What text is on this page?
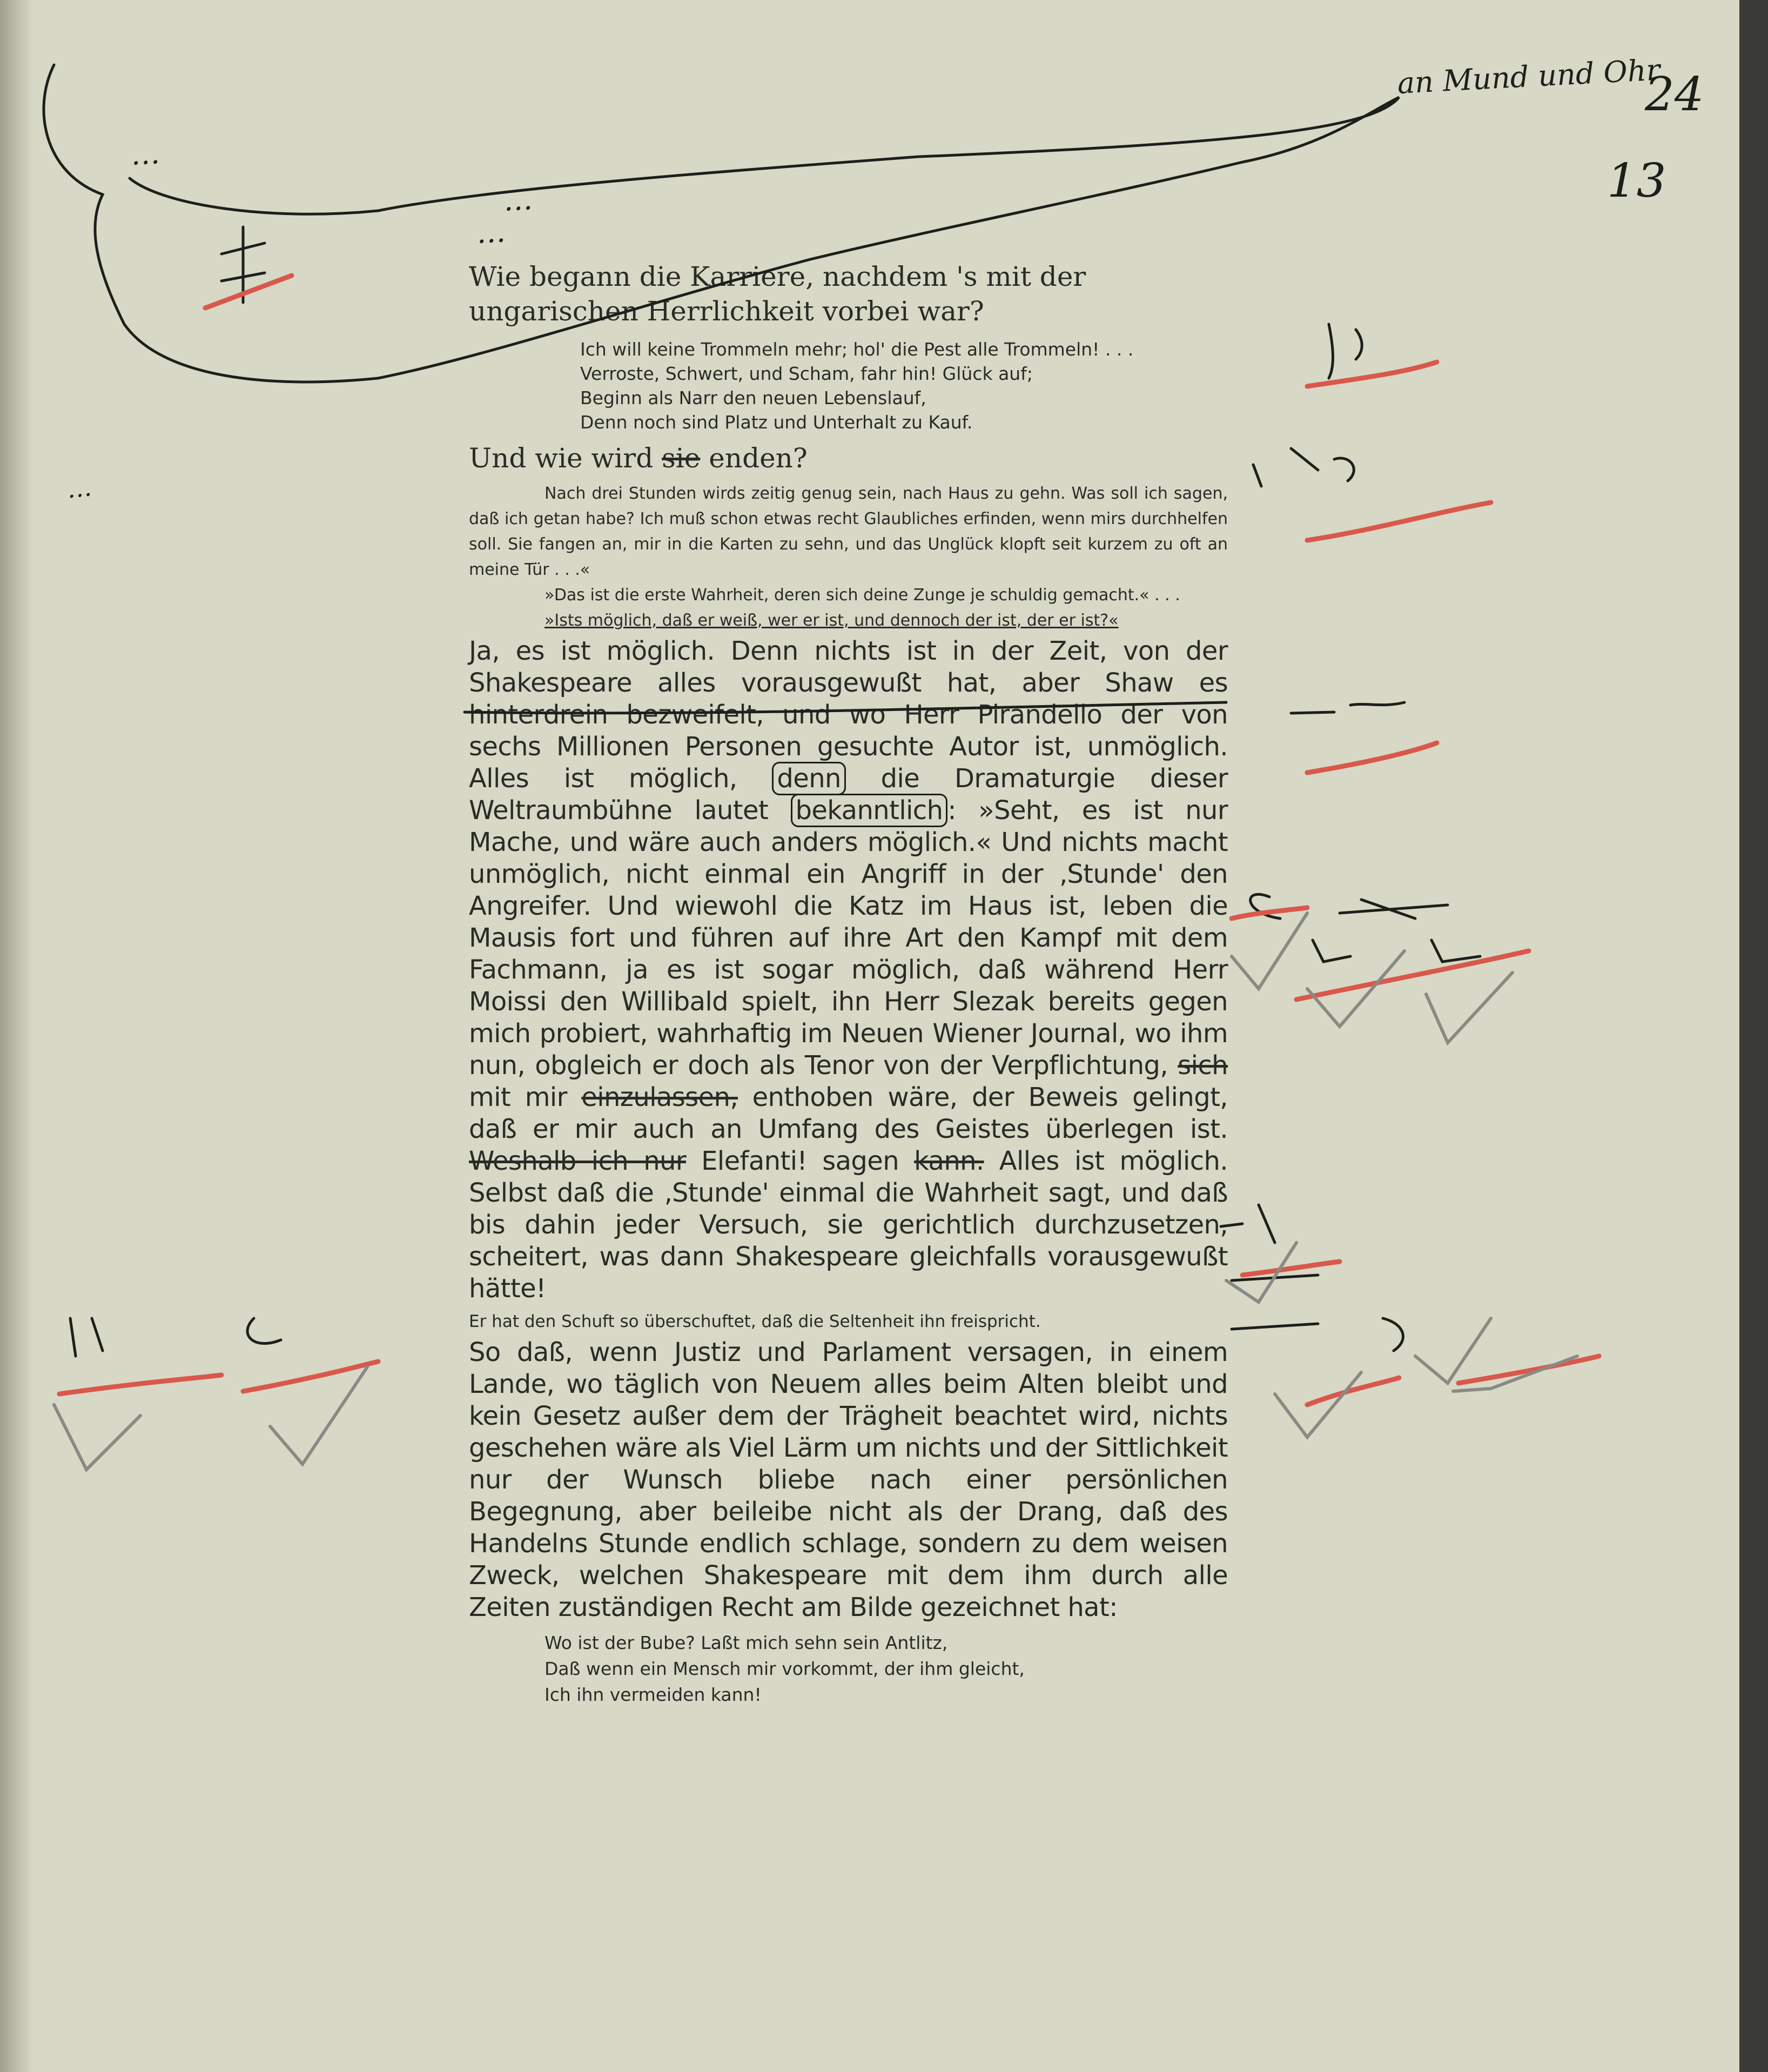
24
13
an Mund und Ohr
…
…
…
…

Wie begann die Karriere, nachdem 's mit der ungarischen Herrlichkeit vorbei war?

Ich will keine Trommeln mehr; hol' die Pest alle Trommeln! . . .
Verroste, Schwert, und Scham, fahr hin! Glück auf;
Beginn als Narr den neuen Lebenslauf,
Denn noch sind Platz und Unterhalt zu Kauf.

Und wie wird sie enden?

Nach drei Stunden wirds zeitig genug sein, nach Haus zu gehn. Was soll ich sagen, daß ich getan habe? Ich muß schon etwas recht Glaubliches erfinden, wenn mirs durchhelfen soll. Sie fangen an, mir in die Karten zu sehn, und das Unglück klopft seit kurzem zu oft an meine Tür . . .«

»Das ist die erste Wahrheit, deren sich deine Zunge je schuldig gemacht.« . . .

»Ists möglich, daß er weiß, wer er ist, und dennoch der ist, der er ist?«

Ja, es ist möglich. Denn nichts ist in der Zeit, von der Shakespeare alles vorausgewußt hat, aber Shaw es hinterdrein bezweifelt, und wo Herr Pirandello der von sechs Millionen Personen gesuchte Autor ist, unmöglich. Alles ist möglich, denn die Dramaturgie dieser Weltraumbühne lautet bekanntlich : »Seht, es ist nur Mache, und wäre auch anders möglich.« Und nichts macht unmöglich, nicht einmal ein Angriff in der ‚Stunde' den Angreifer. Und wiewohl die Katz im Haus ist, leben die Mausis fort und führen auf ihre Art den Kampf mit dem Fachmann, ja es ist sogar möglich, daß während Herr Moissi den Willibald spielt, ihn Herr Slezak bereits gegen mich probiert, wahrhaftig im Neuen Wiener Journal, wo ihm nun, obgleich er doch als Tenor von der Verpflichtung, sich mit mir einzulassen, enthoben wäre, der Beweis gelingt, daß er mir auch an Umfang des Geistes überlegen ist. Weshalb ich nur Elefanti! sagen kann. Alles ist möglich. Selbst daß die ‚Stunde' einmal die Wahrheit sagt, und daß bis dahin jeder Versuch, sie gerichtlich durchzusetzen, scheitert, was dann Shakespeare gleichfalls vorausgewußt hätte!

Er hat den Schuft so überschuftet, daß die Seltenheit ihn freispricht.

So daß, wenn Justiz und Parlament versagen, in einem Lande, wo täglich von Neuem alles beim Alten bleibt und kein Gesetz außer dem der Trägheit beachtet wird, nichts geschehen wäre als Viel Lärm um nichts und der Sittlichkeit nur der Wunsch bliebe nach einer persönlichen Begegnung, aber beileibe nicht als der Drang, daß des Handelns Stunde endlich schlage, sondern zu dem weisen Zweck, welchen Shakespeare mit dem ihm durch alle Zeiten zuständigen Recht am Bilde gezeichnet hat:

Wo ist der Bube? Laßt mich sehn sein Antlitz,
Daß wenn ein Mensch mir vorkommt, der ihm gleicht,
Ich ihn vermeiden kann!
